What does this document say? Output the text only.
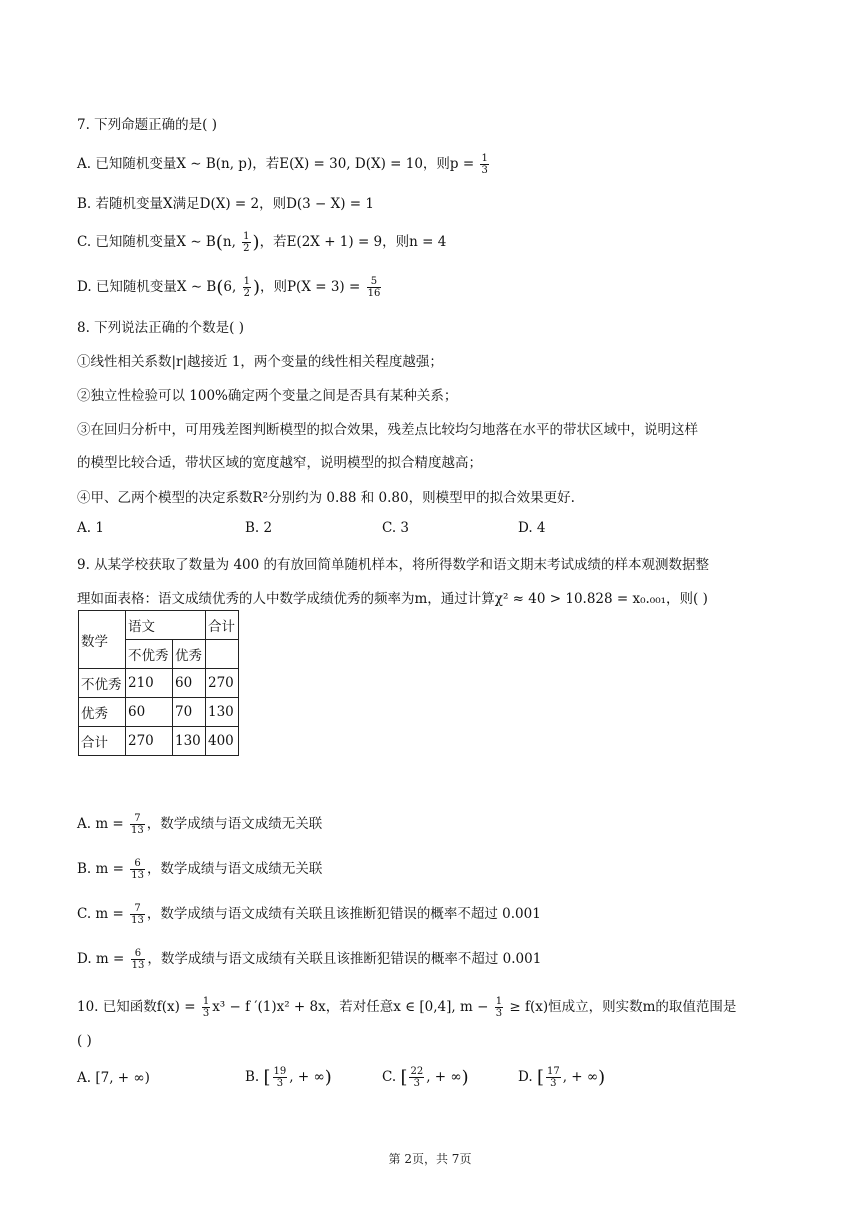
7. 下列命题正确的是( )
A. 已知随机变量X ∼ B(n, p)，若E(X) = 30, D(X) = 10，则$p = \frac{1}{3}$
B. 若随机变量X满足D(X) = 2，则D(3 − X) = 1
C. 已知随机变量X ∼ B(n, $\frac{1}{2}$ )，若E(2X + 1) = 9，则n = 4
D. 已知随机变量X ∼ B(6, $\frac{1}{2}$ )，则$P(X = 3) = \frac{5}{16}$
8. 下列说法正确的个数是( )
①线性相关系数|r|越接近 1，两个变量的线性相关程度越强；
②独立性检验可以 100%确定两个变量之间是否具有某种关系；
③在回归分析中，可用残差图判断模型的拟合效果，残差点比较均匀地落在水平的带状区域中，说明这样
的模型比较合适，带状区域的宽度越窄，说明模型的拟合精度越高；
④甲、乙两个模型的决定系数R²分别约为 0.88 和 0.80，则模型甲的拟合效果更好.
A. 1	B. 2	C. 3	D. 4
9. 从某学校获取了数量为 400 的有放回简单随机样本，将所得数学和语文期末考试成绩的样本观测数据整
理如面表格：语文成绩优秀的人中数学成绩优秀的频率为m，通过计算χ² ≈ 40 > 10.828 = x₀.₀₀₁，则( )
数学	语文		合计
	不优秀	优秀	
不优秀	210	60	270
优秀	60	70	130
合计	270	130	400
A. $m = \frac{7}{13}$ ，数学成绩与语文成绩无关联
B. $m = \frac{6}{13}$ ，数学成绩与语文成绩无关联
C. $m = \frac{7}{13}$ ，数学成绩与语文成绩有关联且该推断犯错误的概率不超过 0.001
D. $m = \frac{6}{13}$ ，数学成绩与语文成绩有关联且该推断犯错误的概率不超过 0.001
10. 已知函数$f(x) = \frac{1}{3} x^3 - f$ ′(1)x² + 8x，若对任意x ∈ [0,4], $m - \frac{1}{3} \ge f(x)$恒成立，则实数m的取值范围是
( )
A. [7, + ∞)	B. [ $\frac{19}{3}$ , + ∞)	C. [ $\frac{22}{3}$ , + ∞)	D. [ $\frac{17}{3}$ , + ∞)
第 2页，共 7页
